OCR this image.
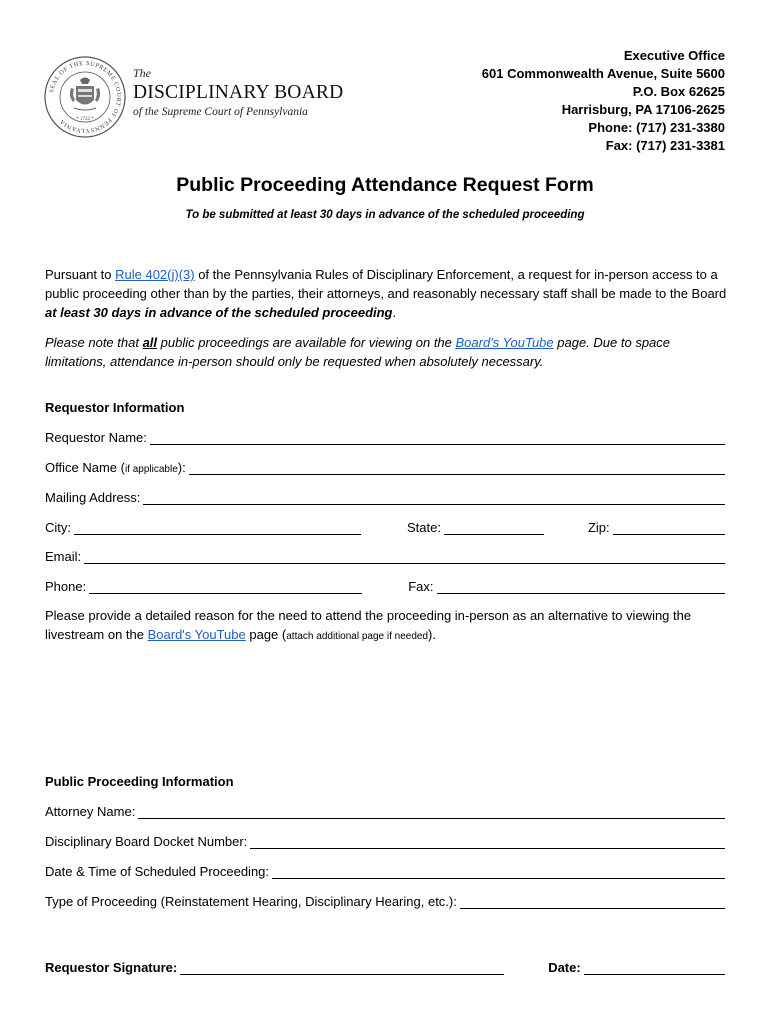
SEAL OF THE SUPREME COURT OF PENNSYLVANIA	* 1722 *
The
DISCIPLINARY BOARD
of the Supreme Court of Pennsylvania
Executive Office
601 Commonwealth Avenue, Suite 5600
P.O. Box 62625
Harrisburg, PA 17106-2625
Phone: (717) 231-3380
Fax: (717) 231-3381
Public Proceeding Attendance Request Form
To be submitted at least 30 days in advance of the scheduled proceeding
Pursuant to Rule 402(j)(3) of the Pennsylvania Rules of Disciplinary Enforcement, a request for in-person access to a public proceeding other than by the parties, their attorneys, and reasonably necessary staff shall be made to the Board at least 30 days in advance of the scheduled proceeding.
Please note that all public proceedings are available for viewing on the Board's YouTube page. Due to space limitations, attendance in-person should only be requested when absolutely necessary.
Requestor Information
Requestor Name:
Office Name (if applicable):
Mailing Address:
City:	State:	Zip:
Email:
Phone:	Fax:
Please provide a detailed reason for the need to attend the proceeding in-person as an alternative to viewing the livestream on the Board's YouTube page (attach additional page if needed).
Public Proceeding Information
Attorney Name:
Disciplinary Board Docket Number:
Date & Time of Scheduled Proceeding:
Type of Proceeding (Reinstatement Hearing, Disciplinary Hearing, etc.):
Requestor Signature:	Date:
